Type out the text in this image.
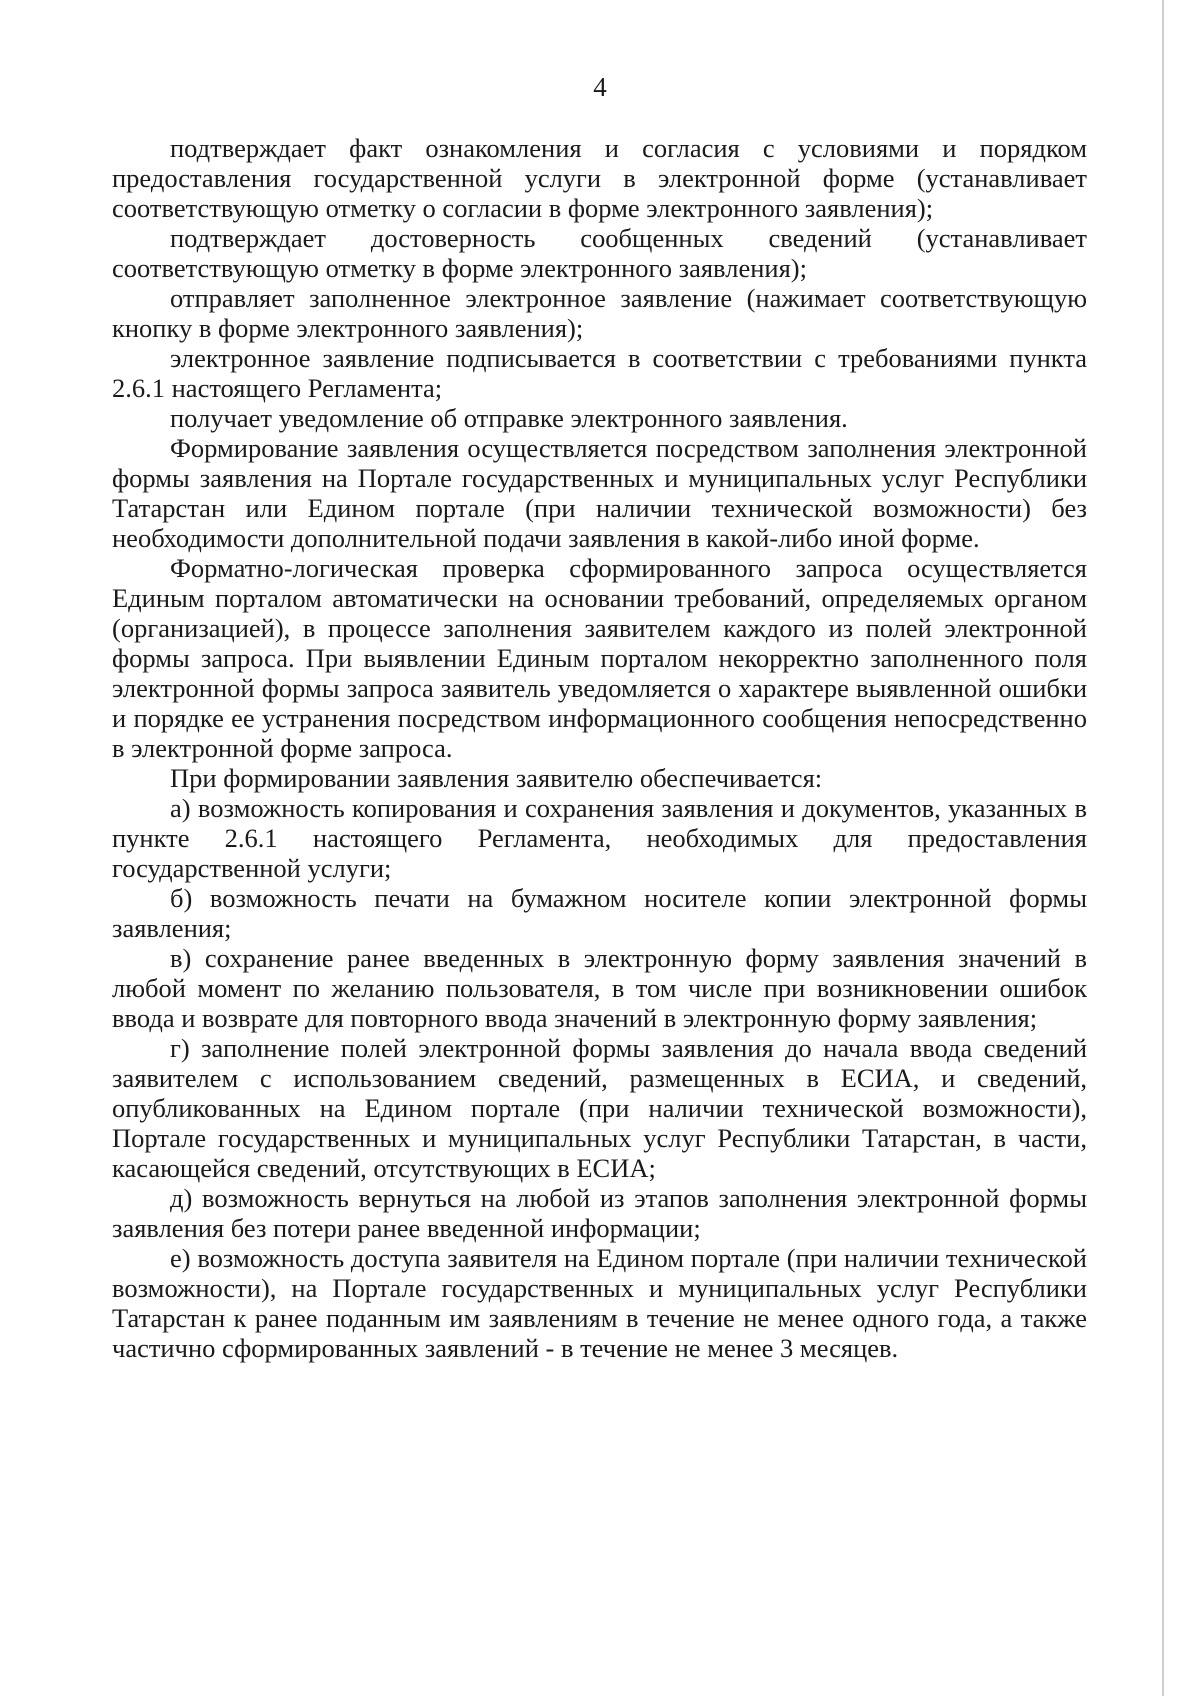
4

подтверждает факт ознакомления и согласия с условиями и порядком предоставления государственной услуги в электронной форме (устанавливает соответствующую отметку о согласии в форме электронного заявления);

подтверждает достоверность сообщенных сведений (устанавливает соответствующую отметку в форме электронного заявления);

отправляет заполненное электронное заявление (нажимает соответствующую кнопку в форме электронного заявления);

электронное заявление подписывается в соответствии с требованиями пункта 2.6.1 настоящего Регламента;

получает уведомление об отправке электронного заявления.

Формирование заявления осуществляется посредством заполнения электронной формы заявления на Портале государственных и муниципальных услуг Республики Татарстан или Едином портале (при наличии технической возможности) без необходимости дополнительной подачи заявления в какой-либо иной форме.

Форматно-логическая проверка сформированного запроса осуществляется Единым порталом автоматически на основании требований, определяемых органом (организацией), в процессе заполнения заявителем каждого из полей электронной формы запроса. При выявлении Единым порталом некорректно заполненного поля электронной формы запроса заявитель уведомляется о характере выявленной ошибки и порядке ее устранения посредством информационного сообщения непосредственно в электронной форме запроса.

При формировании заявления заявителю обеспечивается:

а) возможность копирования и сохранения заявления и документов, указанных в пункте 2.6.1 настоящего Регламента, необходимых для предоставления государственной услуги;

б) возможность печати на бумажном носителе копии электронной формы заявления;

в) сохранение ранее введенных в электронную форму заявления значений в любой момент по желанию пользователя, в том числе при возникновении ошибок ввода и возврате для повторного ввода значений в электронную форму заявления;

г) заполнение полей электронной формы заявления до начала ввода сведений заявителем с использованием сведений, размещенных в ЕСИА, и сведений, опубликованных на Едином портале (при наличии технической возможности), Портале государственных и муниципальных услуг Республики Татарстан, в части, касающейся сведений, отсутствующих в ЕСИА;

д) возможность вернуться на любой из этапов заполнения электронной формы заявления без потери ранее введенной информации;

е) возможность доступа заявителя на Едином портале (при наличии технической возможности), на Портале государственных и муниципальных услуг Республики Татарстан к ранее поданным им заявлениям в течение не менее одного года, а также частично сформированных заявлений - в течение не менее 3 месяцев.
